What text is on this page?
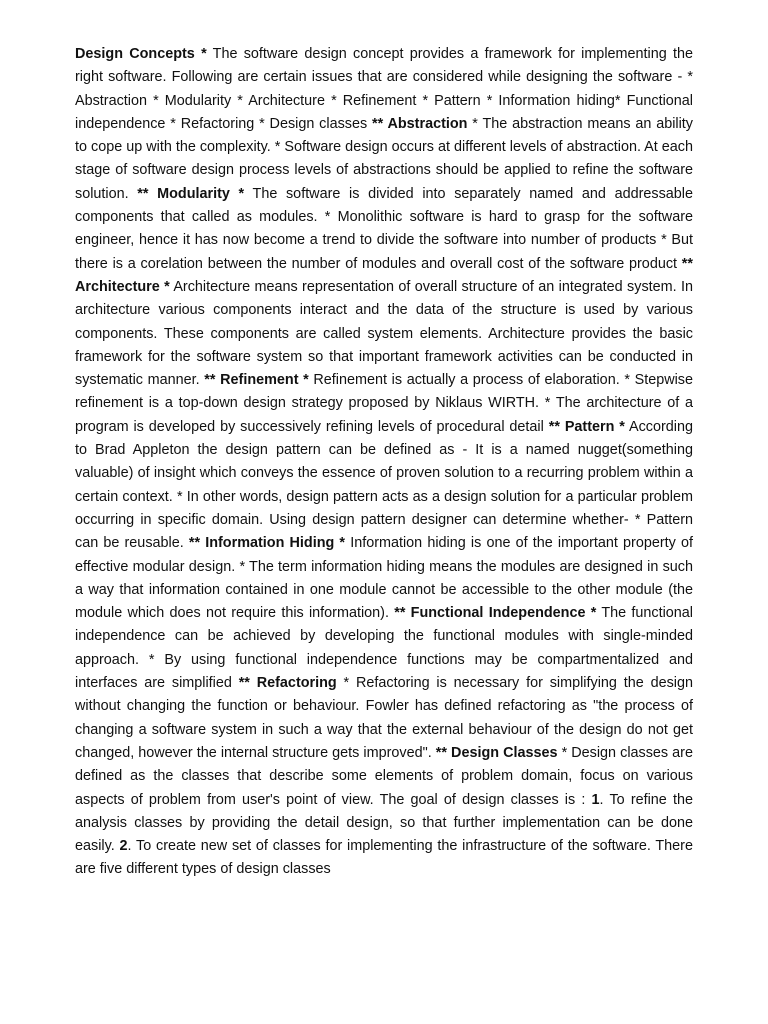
Design Concepts * The software design concept provides a framework for implementing the right software. Following are certain issues that are considered while designing the software - * Abstraction * Modularity * Architecture * Refinement * Pattern * Information hiding* Functional independence * Refactoring * Design classes ** Abstraction * The abstraction means an ability to cope up with the complexity. * Software design occurs at different levels of abstraction. At each stage of software design process levels of abstractions should be applied to refine the software solution. ** Modularity * The software is divided into separately named and addressable components that called as modules. * Monolithic software is hard to grasp for the software engineer, hence it has now become a trend to divide the software into number of products * But there is a corelation between the number of modules and overall cost of the software product ** Architecture * Architecture means representation of overall structure of an integrated system. In architecture various components interact and the data of the structure is used by various components. These components are called system elements. Architecture provides the basic framework for the software system so that important framework activities can be conducted in systematic manner. ** Refinement * Refinement is actually a process of elaboration. * Stepwise refinement is a top-down design strategy proposed by Niklaus WIRTH. * The architecture of a program is developed by successively refining levels of procedural detail ** Pattern * According to Brad Appleton the design pattern can be defined as - It is a named nugget(something valuable) of insight which conveys the essence of proven solution to a recurring problem within a certain context. * In other words, design pattern acts as a design solution for a particular problem occurring in specific domain. Using design pattern designer can determine whether- * Pattern can be reusable. ** Information Hiding * Information hiding is one of the important property of effective modular design. * The term information hiding means the modules are designed in such a way that information contained in one module cannot be accessible to the other module (the module which does not require this information). ** Functional Independence * The functional independence can be achieved by developing the functional modules with single-minded approach. * By using functional independence functions may be compartmentalized and interfaces are simplified ** Refactoring * Refactoring is necessary for simplifying the design without changing the function or behaviour. Fowler has defined refactoring as "the process of changing a software system in such a way that the external behaviour of the design do not get changed, however the internal structure gets improved". ** Design Classes * Design classes are defined as the classes that describe some elements of problem domain, focus on various aspects of problem from user's point of view. The goal of design classes is : 1. To refine the analysis classes by providing the detail design, so that further implementation can be done easily. 2. To create new set of classes for implementing the infrastructure of the software. There are five different types of design classes
